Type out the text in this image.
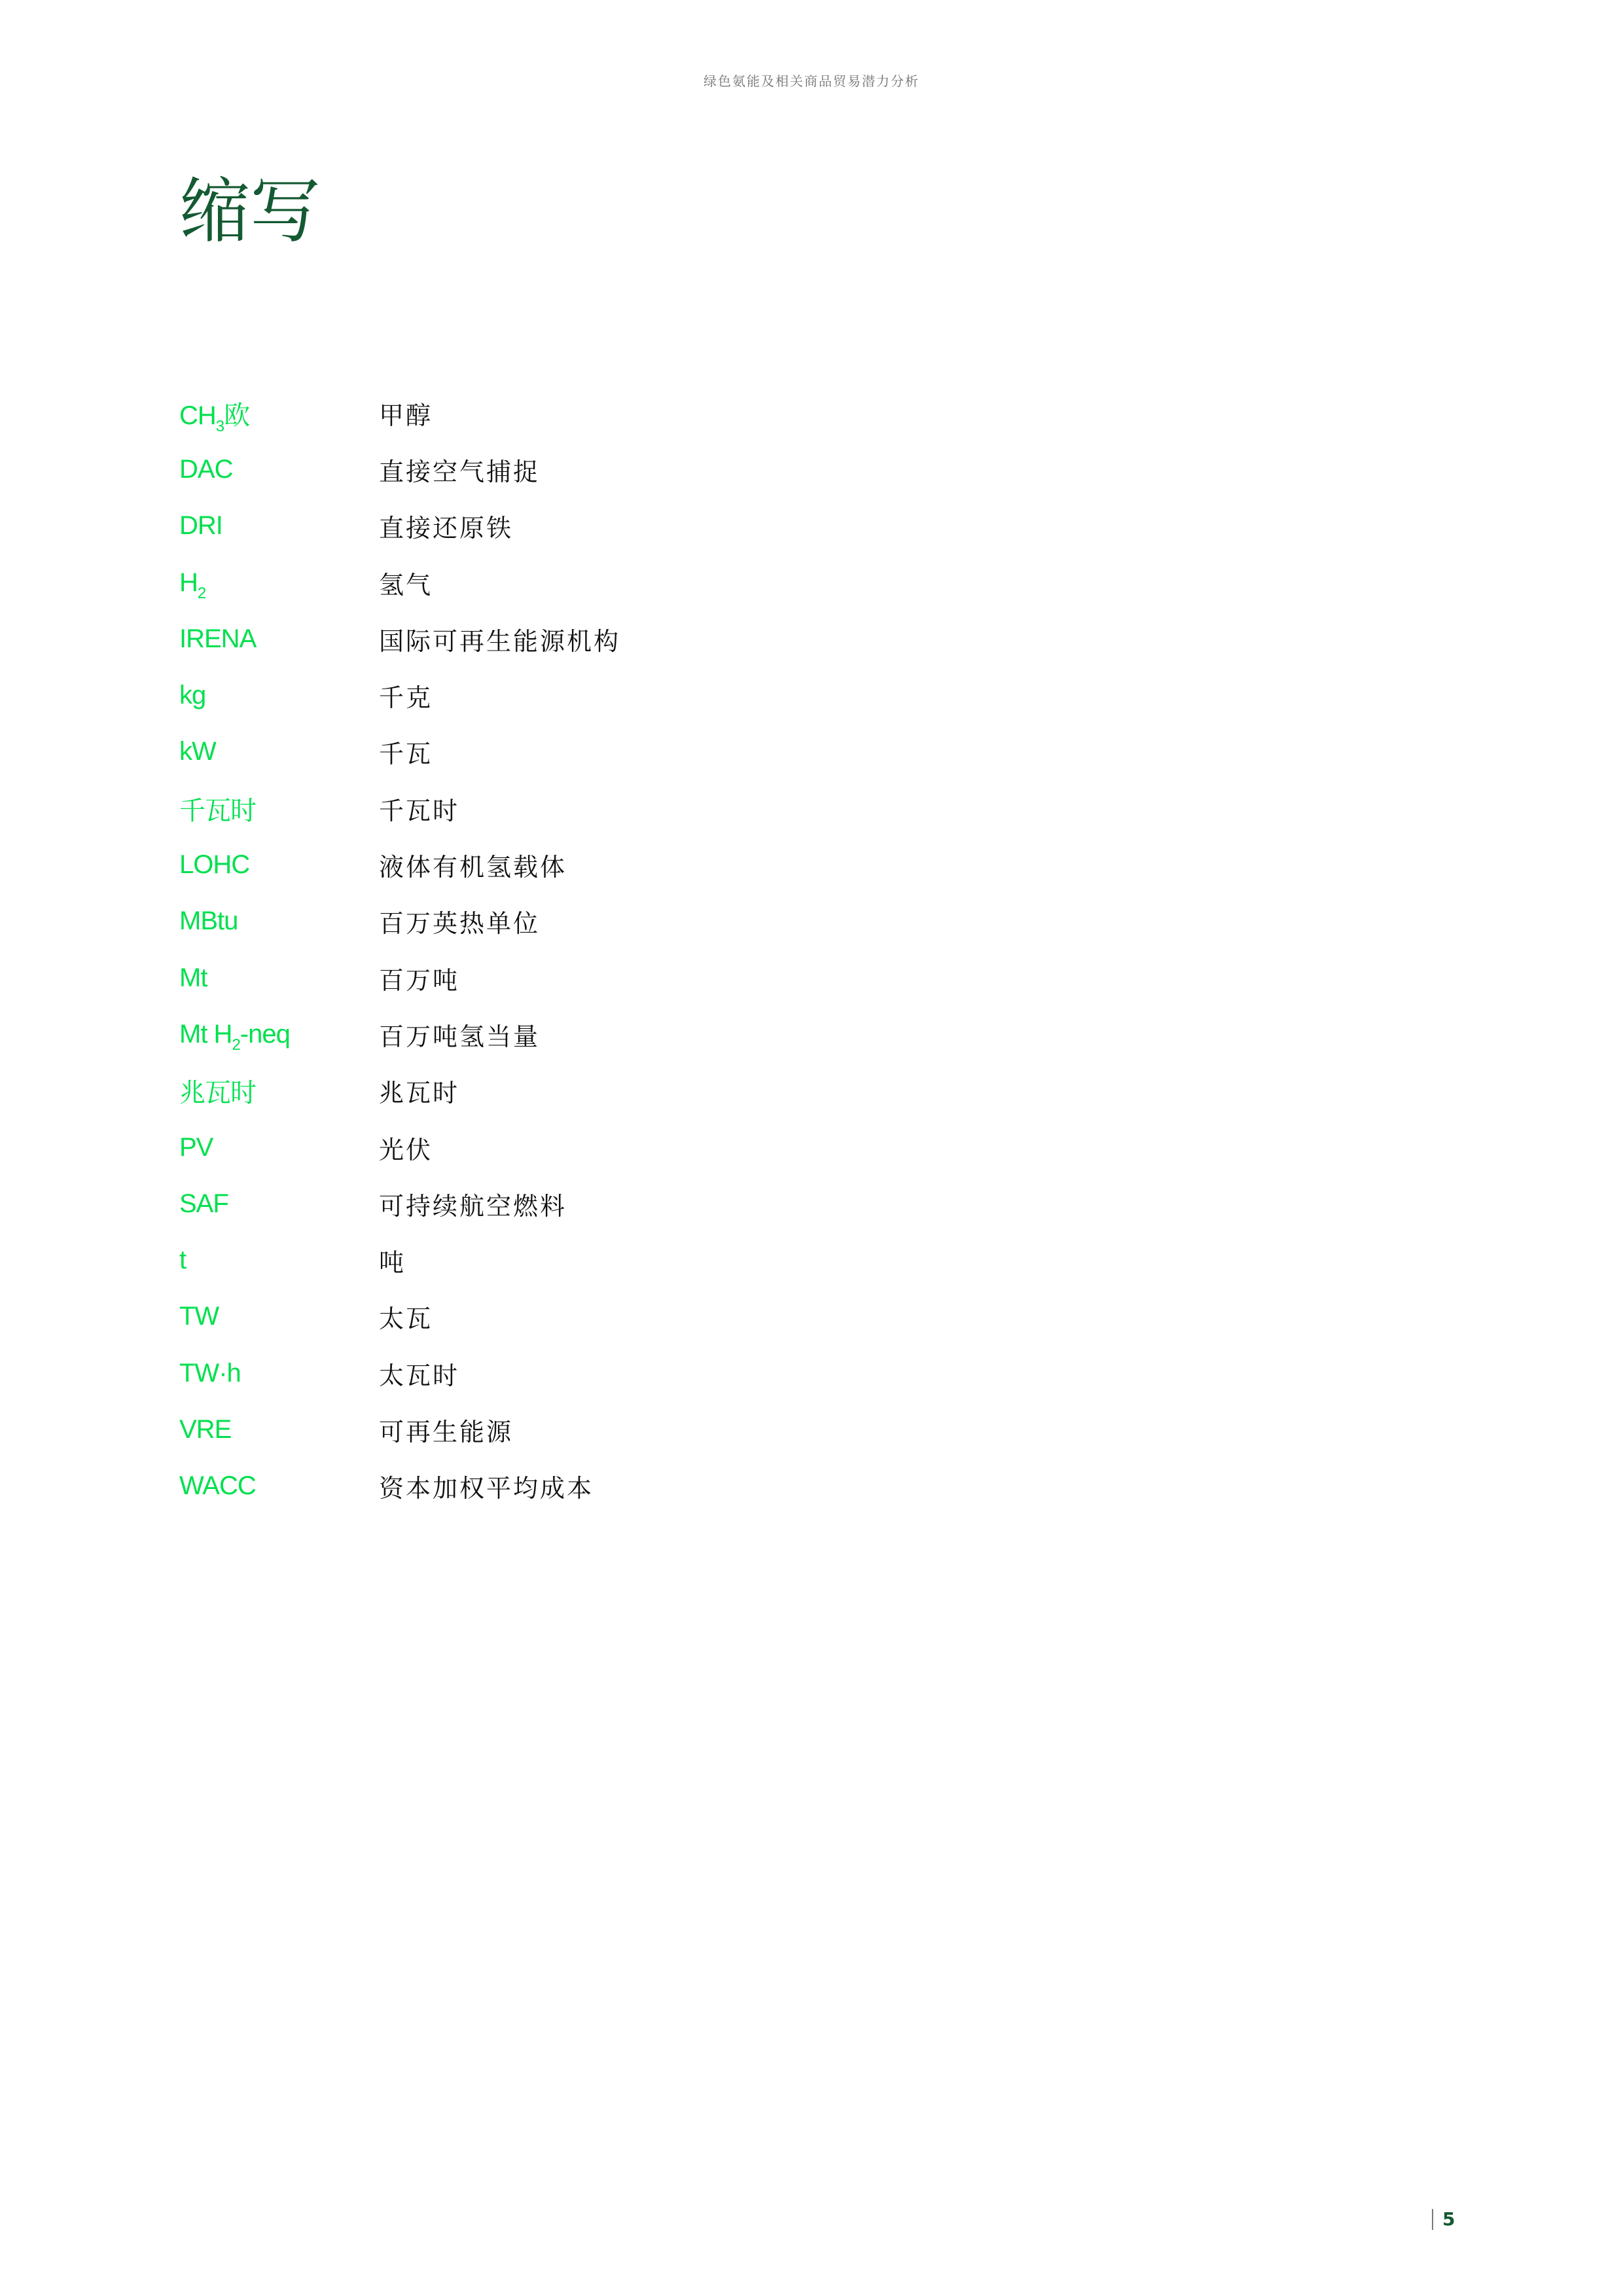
绿色氨能及相关商品贸易潜力分析
缩写
$CH_3$欧	甲醇
DAC	直接空气捕捉
DRI	直接还原铁
$H_2$	氢气
IRENA	国际可再生能源机构
kg	千克
kW	千瓦
千瓦时	千瓦时
LOHC	液体有机氢载体
MBtu	百万英热单位
Mt	百万吨
Mt $H_2$-neq	百万吨氢当量
兆瓦时	兆瓦时
PV	光伏
SAF	可持续航空燃料
t	吨
TW	太瓦
TW·h	太瓦时
VRE	可再生能源
WACC	资本加权平均成本
5
